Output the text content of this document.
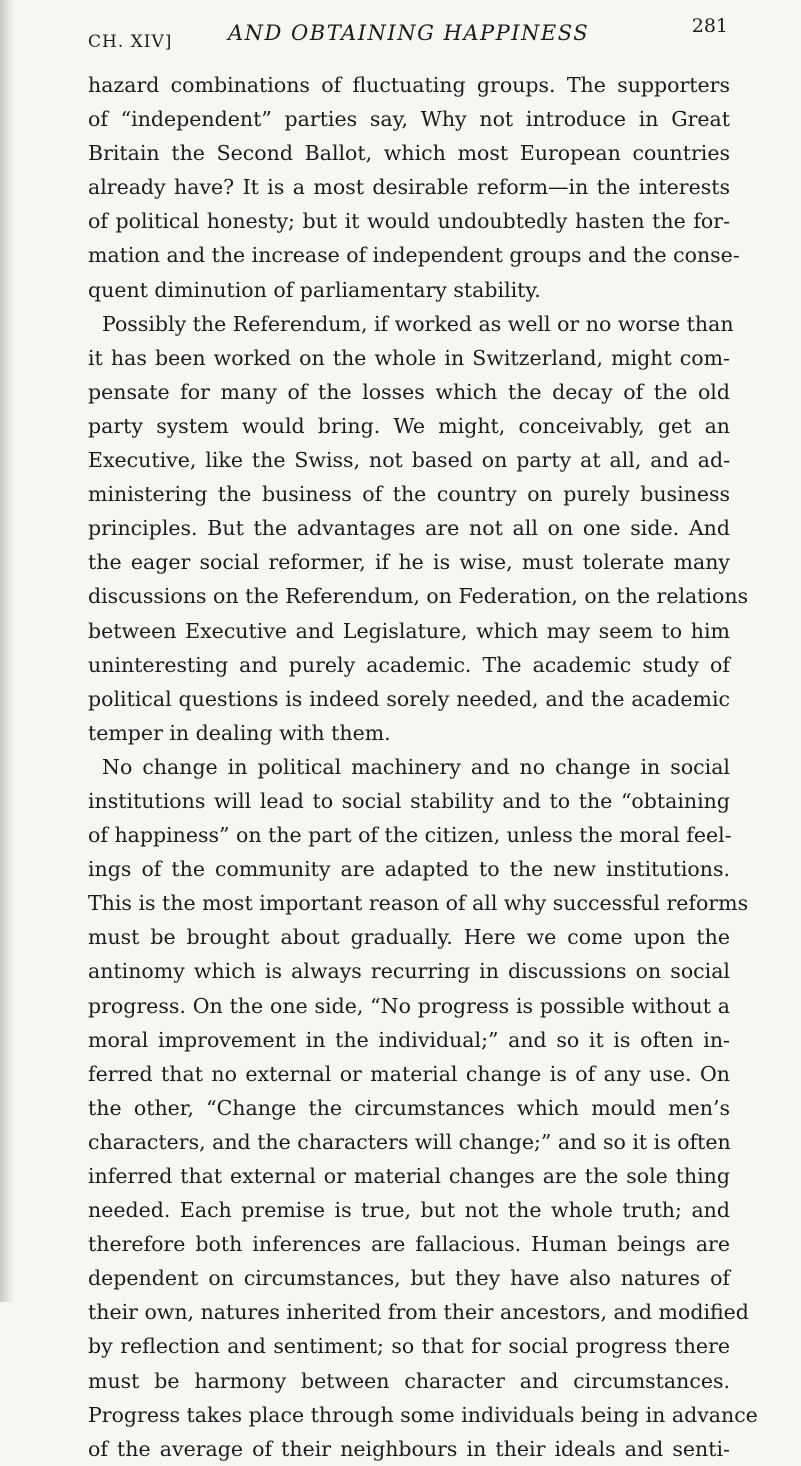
CH. XIV]	AND OBTAINING HAPPINESS	281
hazard combinations of fluctuating groups. The supporters
of “independent” parties say, Why not introduce in Great
Britain the Second Ballot, which most European countries
already have? It is a most desirable reform—in the interests
of political honesty; but it would undoubtedly hasten the for-
mation and the increase of independent groups and the conse-
quent diminution of parliamentary stability.
Possibly the Referendum, if worked as well or no worse than
it has been worked on the whole in Switzerland, might com-
pensate for many of the losses which the decay of the old
party system would bring. We might, conceivably, get an
Executive, like the Swiss, not based on party at all, and ad-
ministering the business of the country on purely business
principles. But the advantages are not all on one side. And
the eager social reformer, if he is wise, must tolerate many
discussions on the Referendum, on Federation, on the relations
between Executive and Legislature, which may seem to him
uninteresting and purely academic. The academic study of
political questions is indeed sorely needed, and the academic
temper in dealing with them.
No change in political machinery and no change in social
institutions will lead to social stability and to the “obtaining
of happiness” on the part of the citizen, unless the moral feel-
ings of the community are adapted to the new institutions.
This is the most important reason of all why successful reforms
must be brought about gradually. Here we come upon the
antinomy which is always recurring in discussions on social
progress. On the one side, “No progress is possible without a
moral improvement in the individual;” and so it is often in-
ferred that no external or material change is of any use. On
the other, “Change the circumstances which mould men’s
characters, and the characters will change;” and so it is often
inferred that external or material changes are the sole thing
needed. Each premise is true, but not the whole truth; and
therefore both inferences are fallacious. Human beings are
dependent on circumstances, but they have also natures of
their own, natures inherited from their ancestors, and modified
by reflection and sentiment; so that for social progress there
must be harmony between character and circumstances.
Progress takes place through some individuals being in advance
of the average of their neighbours in their ideals and senti-
